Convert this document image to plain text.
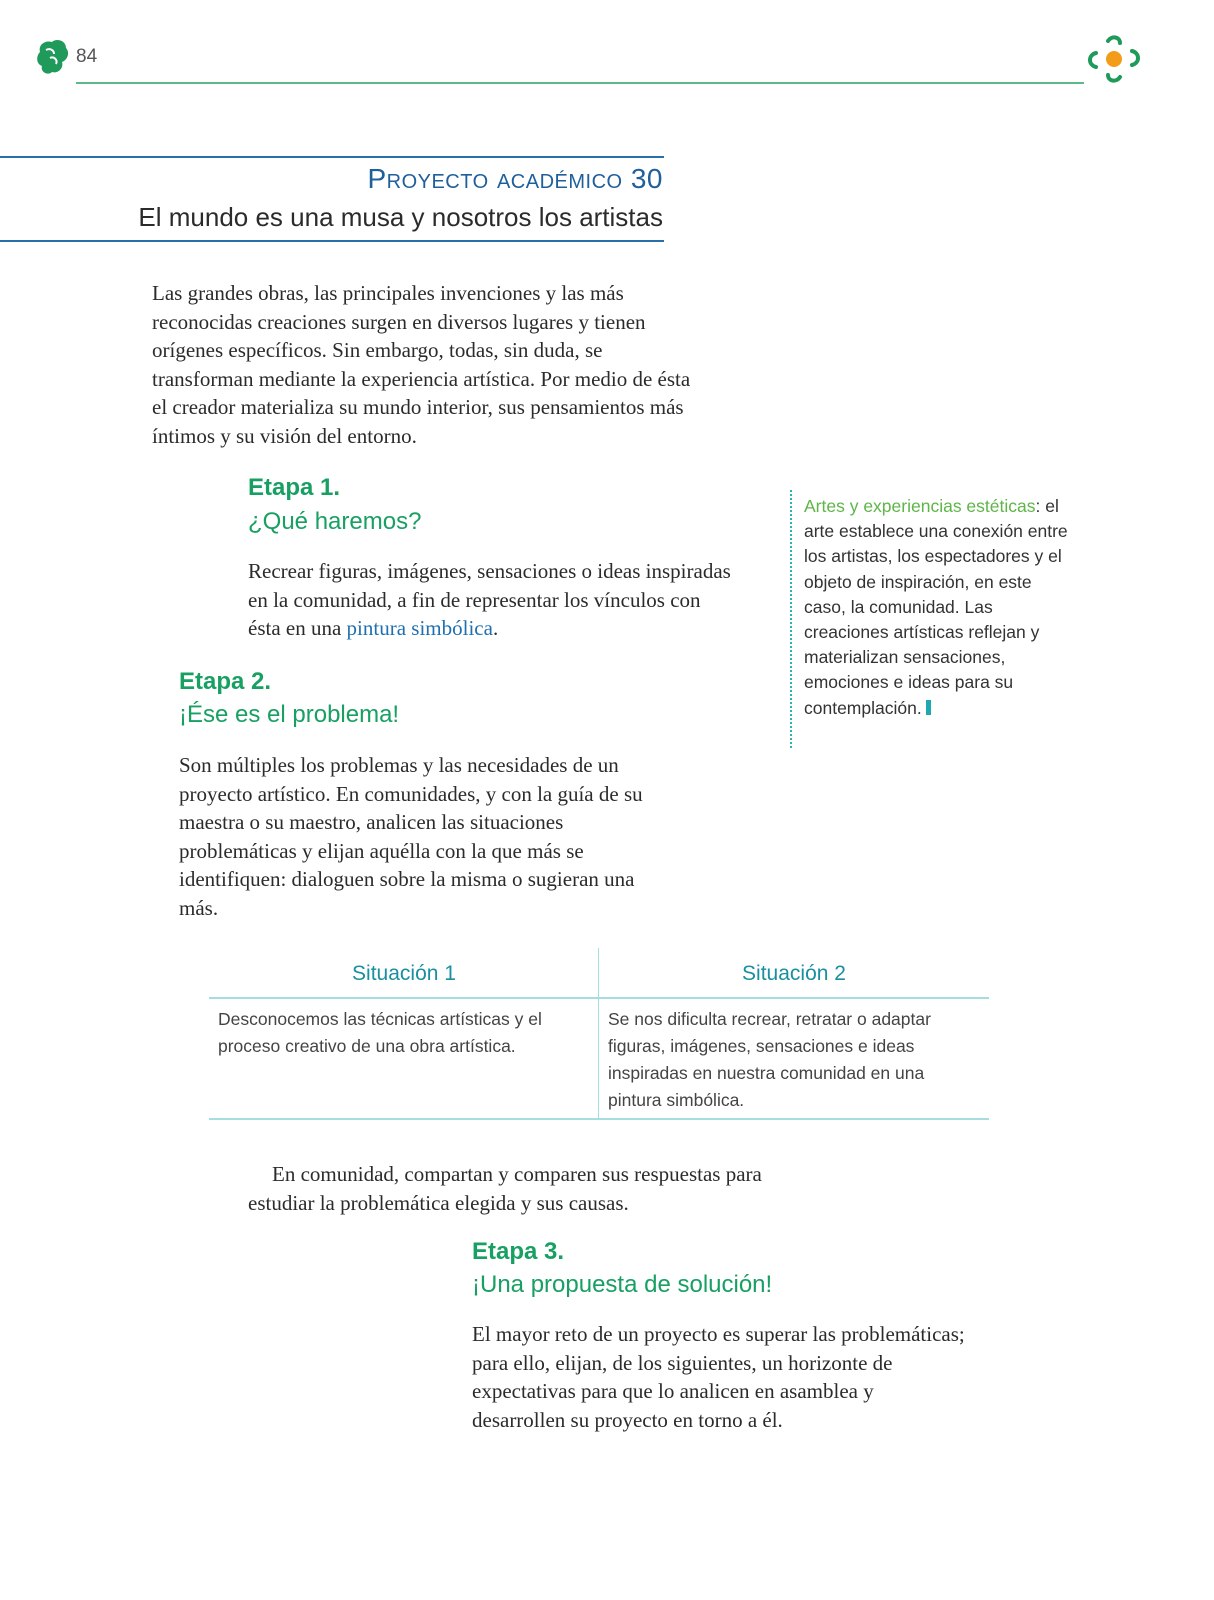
84
Proyecto académico 30
El mundo es una musa y nosotros los artistas
Las grandes obras, las principales invenciones y las más reconocidas creaciones surgen en diversos lugares y tienen orígenes específicos. Sin embargo, todas, sin duda, se transforman mediante la experiencia artística. Por medio de ésta el creador materializa su mundo interior, sus pensamientos más íntimos y su visión del entorno.
Etapa 1.
¿Qué haremos?
Recrear figuras, imágenes, sensaciones o ideas inspiradas en la comunidad, a fin de representar los vínculos con ésta en una pintura simbólica.
Artes y experiencias estéticas: el arte establece una conexión entre los artistas, los espectadores y el objeto de inspiración, en este caso, la comunidad. Las creaciones artísticas reflejan y materializan sensaciones, emociones e ideas para su contemplación.
Etapa 2.
¡Ése es el problema!
Son múltiples los problemas y las necesidades de un proyecto artístico. En comunidades, y con la guía de su maestra o su maestro, analicen las situaciones problemáticas y elijan aquélla con la que más se identifiquen: dialoguen sobre la misma o sugieran una más.
Situación 1	Situación 2
Desconocemos las técnicas artísticas y el proceso creativo de una obra artística.
Se nos dificulta recrear, retratar o adaptar figuras, imágenes, sensaciones e ideas inspiradas en nuestra comunidad en una pintura simbólica.
En comunidad, compartan y comparen sus respuestas para estudiar la problemática elegida y sus causas.
Etapa 3.
¡Una propuesta de solución!
El mayor reto de un proyecto es superar las problemáticas; para ello, elijan, de los siguientes, un horizonte de expectativas para que lo analicen en asamblea y desarrollen su proyecto en torno a él.
